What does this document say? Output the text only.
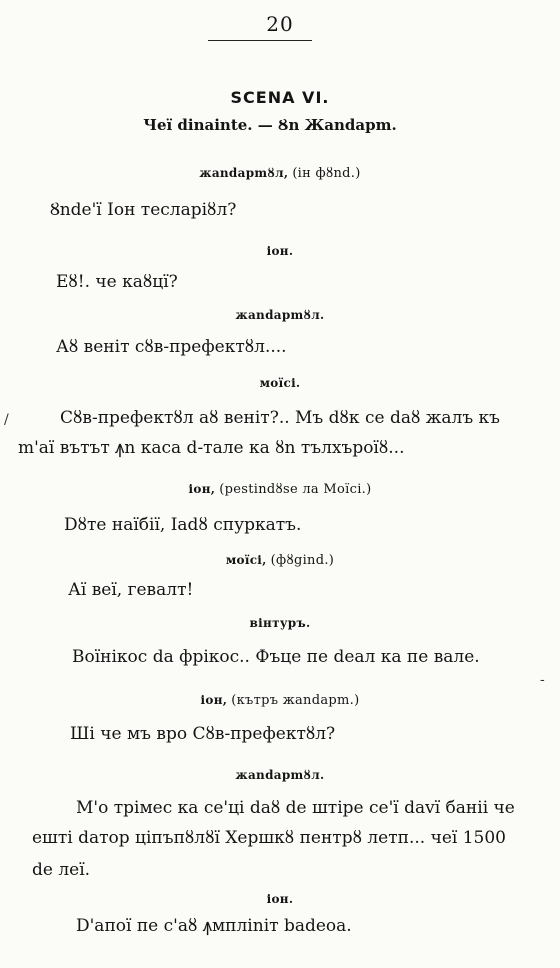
20
SCENA VI.
Чеї dinainte. — Ȣn Жandaрm.
жandaрmȣл, (ін фȣnd.)
Ȣnde'ї Іон тесларіȣл?
іон.
Еȣ!. че каȣцї?
жandaрmȣл.
Аȣ веніт сȣв-префектȣл....
моїсі.
/	Сȣв-префектȣл аȣ веніт?.. Мъ dȣк се daȣ жалъ къ
m'аї вътът ꙟn каса d-тале ка ȣn тълхъроїȣ...
іон, (pestindȣse ла Моїcі.)
Dȣте наїбії, Іаdȣ спуркатъ.
моїсі, (фȣgind.)
Аї веї, гевалт!
вінтуръ.
Воїнікос da фрікос.. Фъце пе dеал ка пе вале.
-
іон, (кътръ жandaрm.)
Ші че мъ вро Сȣв-префектȣл?
жandaрmȣл.
М'о трімес ка се'ці daȣ de штіре се'ї dаvї баніі че
ешті dатор ціпъпȣлȣї Хершкȣ пентрȣ летп... чеї 1500
de леї.
іон.
D'апої пе с'аȣ ꙟмпліnіт badeoa.
